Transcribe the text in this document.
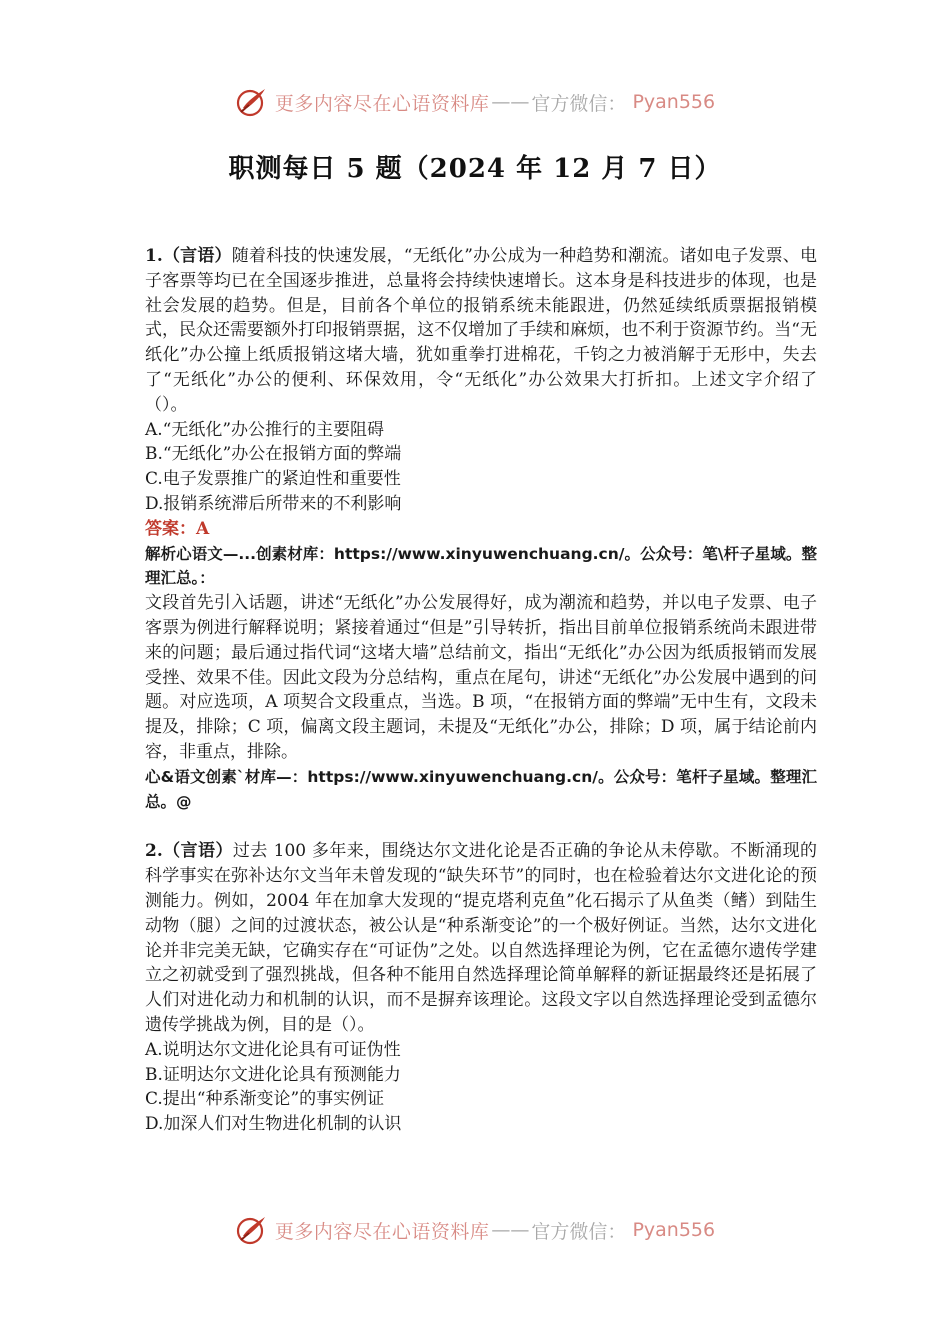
更多内容尽在心语资料库 —— 官方微信： Pyan556
职测每日 5 题（2024 年 12 月 7 日）

1.（言语）随着科技的快速发展，“无纸化”办公成为一种趋势和潮流。诸如电子发票、电子客票等均已在全国逐步推进，总量将会持续快速增长。这本身是科技进步的体现，也是社会发展的趋势。但是，目前各个单位的报销系统未能跟进，仍然延续纸质票据报销模式，民众还需要额外打印报销票据，这不仅增加了手续和麻烦，也不利于资源节约。当“无纸化”办公撞上纸质报销这堵大墙，犹如重拳打进棉花，千钧之力被消解于无形中，失去了“无纸化”办公的便利、环保效用，令“无纸化”办公效果大打折扣。上述文字介绍了（）。

A.“无纸化”办公推行的主要阻碍

B.“无纸化”办公在报销方面的弊端

C.电子发票推广的紧迫性和重要性

D.报销系统滞后所带来的不利影响

答案：A

解析心语文—...创素材库：https://www.xinyuwenchuang.cn/。公众号：笔\杆子星域。整理汇总。：

文段首先引入话题，讲述“无纸化”办公发展得好，成为潮流和趋势，并以电子发票、电子客票为例进行解释说明；紧接着通过“但是”引导转折，指出目前单位报销系统尚未跟进带来的问题；最后通过指代词“这堵大墙”总结前文，指出“无纸化”办公因为纸质报销而发展受挫、效果不佳。因此文段为分总结构，重点在尾句，讲述“无纸化”办公发展中遇到的问题。对应选项，A 项契合文段重点，当选。B 项，“在报销方面的弊端”无中生有，文段未提及，排除；C 项，偏离文段主题词，未提及“无纸化”办公，排除；D 项，属于结论前内容，非重点，排除。

心&语文创素`材库—：https://www.xinyuwenchuang.cn/。公众号：笔杆子星域。整理汇总。@

2.（言语）过去 100 多年来，围绕达尔文进化论是否正确的争论从未停歇。不断涌现的科学事实在弥补达尔文当年未曾发现的“缺失环节”的同时，也在检验着达尔文进化论的预测能力。例如，2004 年在加拿大发现的“提克塔利克鱼”化石揭示了从鱼类（鳍）到陆生动物（腿）之间的过渡状态，被公认是“种系渐变论”的一个极好例证。当然，达尔文进化论并非完美无缺，它确实存在“可证伪”之处。以自然选择理论为例，它在孟德尔遗传学建立之初就受到了强烈挑战，但各种不能用自然选择理论简单解释的新证据最终还是拓展了人们对进化动力和机制的认识，而不是摒弃该理论。这段文字以自然选择理论受到孟德尔遗传学挑战为例，目的是（）。

A.说明达尔文进化论具有可证伪性

B.证明达尔文进化论具有预测能力

C.提出“种系渐变论”的事实例证

D.加深人们对生物进化机制的认识

更多内容尽在心语资料库 —— 官方微信： Pyan556
